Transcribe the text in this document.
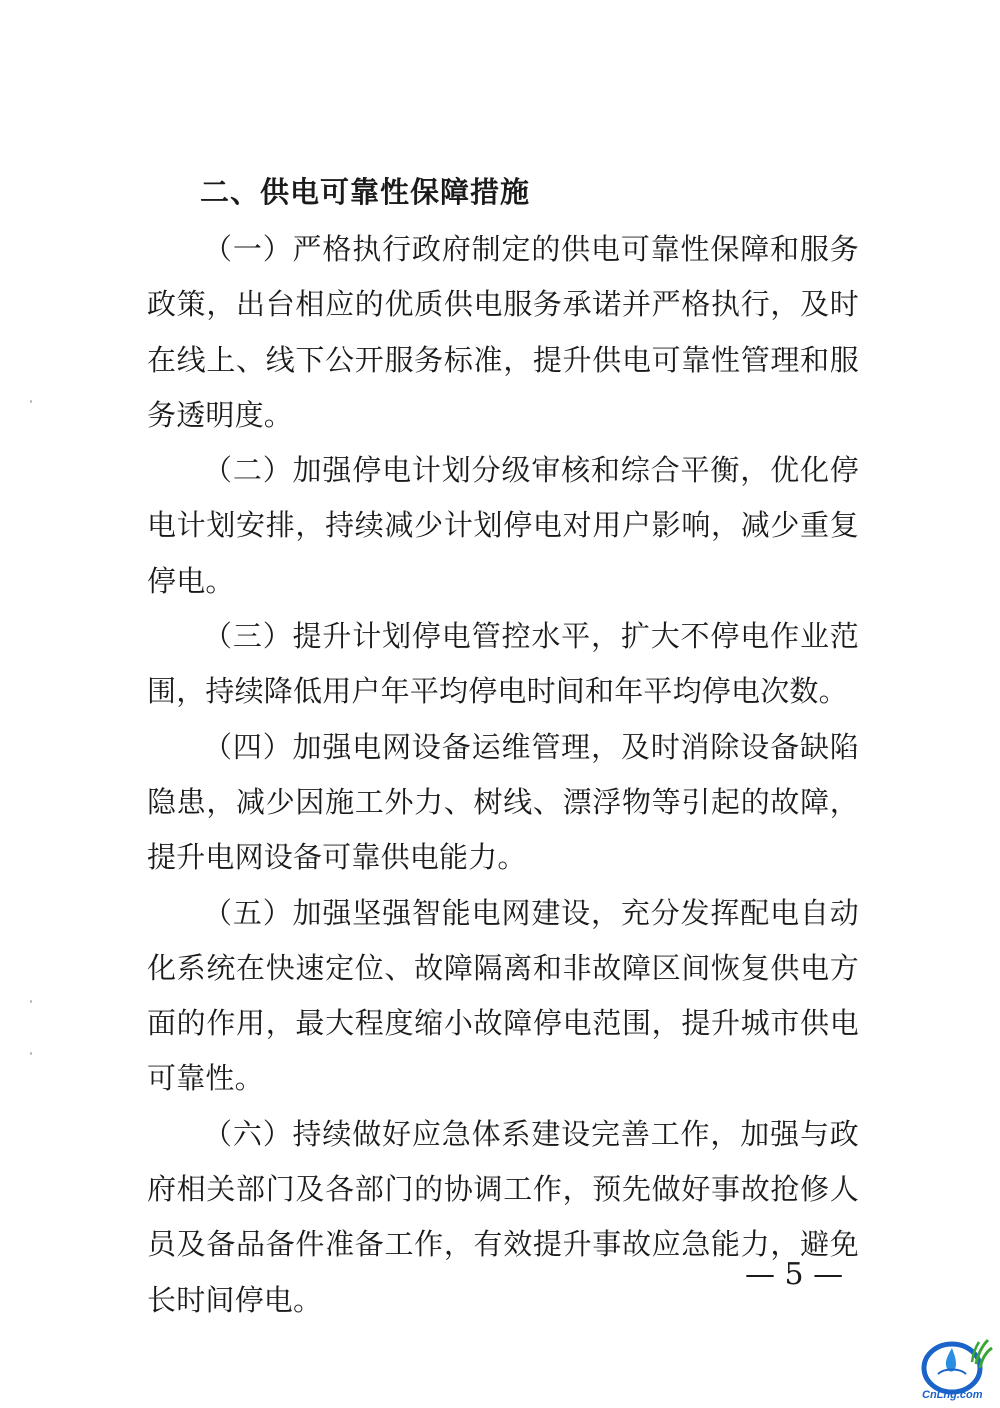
二、供电可靠性保障措施

（一）严格执行政府制定的供电可靠性保障和服务政策，出台相应的优质供电服务承诺并严格执行，及时在线上、线下公开服务标准，提升供电可靠性管理和服务透明度。

（二）加强停电计划分级审核和综合平衡，优化停电计划安排，持续减少计划停电对用户影响，减少重复停电。

（三）提升计划停电管控水平，扩大不停电作业范围，持续降低用户年平均停电时间和年平均停电次数。

（四）加强电网设备运维管理，及时消除设备缺陷隐患，减少因施工外力、树线、漂浮物等引起的故障，提升电网设备可靠供电能力。

（五）加强坚强智能电网建设，充分发挥配电自动化系统在快速定位、故障隔离和非故障区间恢复供电方面的作用，最大程度缩小故障停电范围，提升城市供电可靠性。

（六）持续做好应急体系建设完善工作，加强与政府相关部门及各部门的协调工作，预先做好事故抢修人员及备品备件准备工作，有效提升事故应急能力，避免长时间停电。

— 5 —
CnLng.com
